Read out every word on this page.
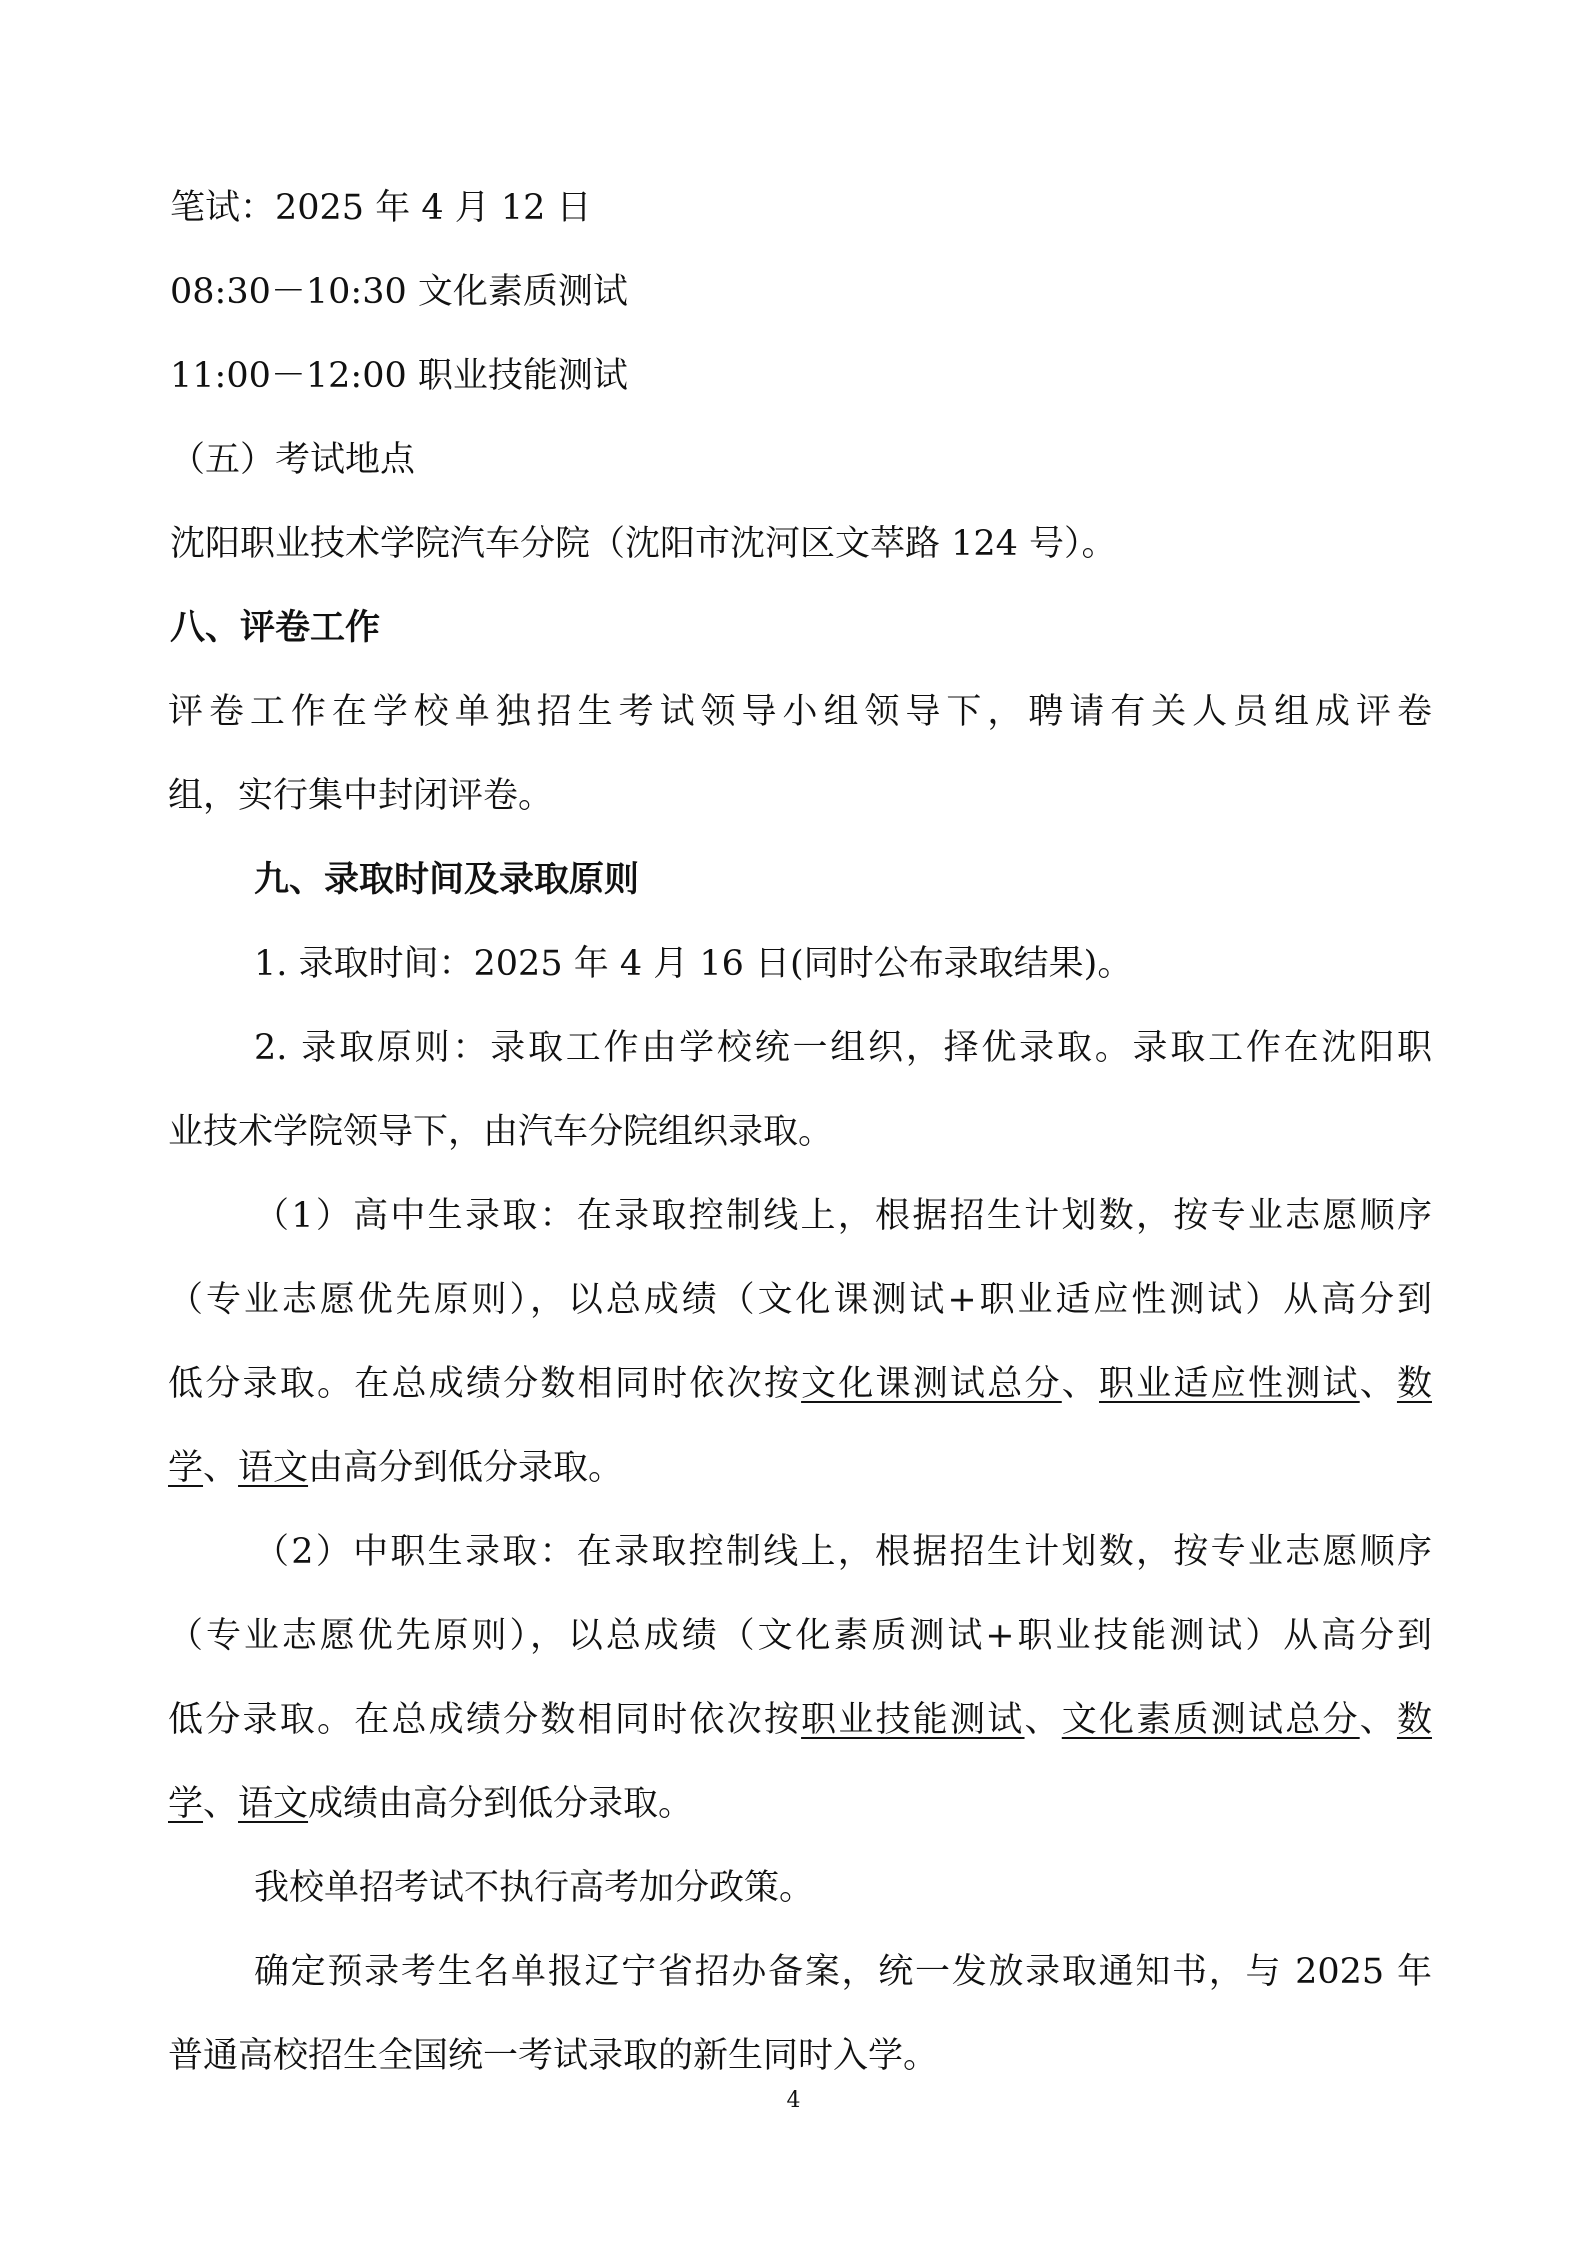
笔试：2025 年 4 月 12 日
08:30－10:30 文化素质测试
11:00－12:00 职业技能测试
（五）考试地点
沈阳职业技术学院汽车分院（沈阳市沈河区文萃路 124 号）。
八、评卷工作
评卷工作在学校单独招生考试领导小组领导下，聘请有关人员组成评卷
组，实行集中封闭评卷。
九、录取时间及录取原则
1. 录取时间：2025 年 4 月 16 日(同时公布录取结果)。
2. 录取原则：录取工作由学校统一组织，择优录取。录取工作在沈阳职
业技术学院领导下，由汽车分院组织录取。
（1）高中生录取：在录取控制线上，根据招生计划数，按专业志愿顺序
（专业志愿优先原则），以总成绩（文化课测试+职业适应性测试）从高分到
低分录取。在总成绩分数相同时依次按文化课测试总分、职业适应性测试、数
学、语文由高分到低分录取。
（2）中职生录取：在录取控制线上，根据招生计划数，按专业志愿顺序
（专业志愿优先原则），以总成绩（文化素质测试+职业技能测试）从高分到
低分录取。在总成绩分数相同时依次按职业技能测试、文化素质测试总分、数
学、语文成绩由高分到低分录取。
我校单招考试不执行高考加分政策。
确定预录考生名单报辽宁省招办备案，统一发放录取通知书，与 2025 年
普通高校招生全国统一考试录取的新生同时入学。
4
